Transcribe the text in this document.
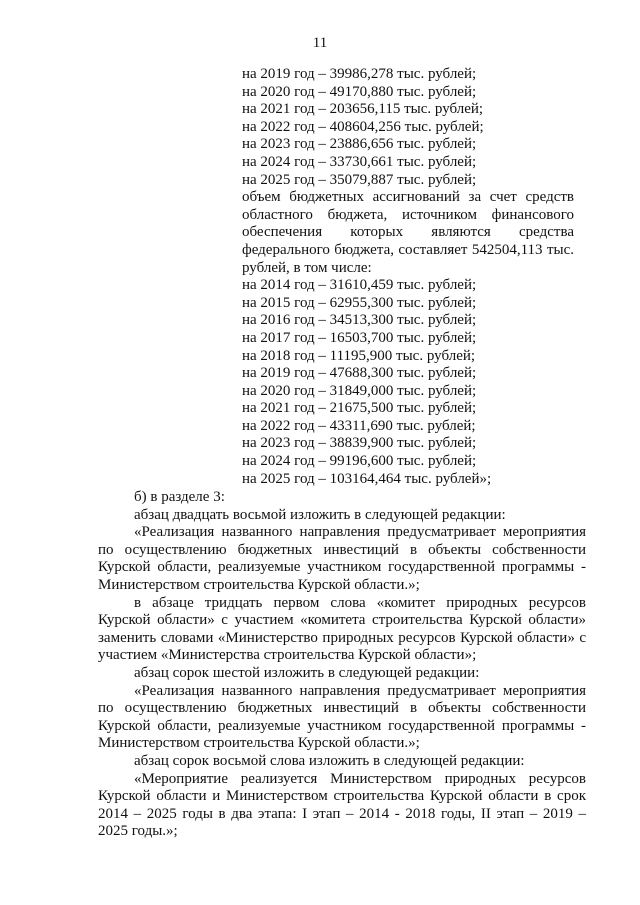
11
на 2019 год – 39986,278 тыс. рублей;
на 2020 год – 49170,880 тыс. рублей;
на 2021 год – 203656,115 тыс. рублей;
на 2022 год – 408604,256 тыс. рублей;
на 2023 год – 23886,656 тыс. рублей;
на 2024 год – 33730,661 тыс. рублей;
на 2025 год – 35079,887 тыс. рублей;
объем бюджетных ассигнований за счет средств
областного бюджета, источником финансового
обеспечения которых являются средства
федерального бюджета, составляет 542504,113 тыс.
рублей, в том числе:
на 2014 год – 31610,459 тыс. рублей;
на 2015 год – 62955,300 тыс. рублей;
на 2016 год – 34513,300 тыс. рублей;
на 2017 год – 16503,700 тыс. рублей;
на 2018 год – 11195,900 тыс. рублей;
на 2019 год – 47688,300 тыс. рублей;
на 2020 год – 31849,000 тыс. рублей;
на 2021 год – 21675,500 тыс. рублей;
на 2022 год – 43311,690 тыс. рублей;
на 2023 год – 38839,900 тыс. рублей;
на 2024 год – 99196,600 тыс. рублей;
на 2025 год – 103164,464 тыс. рублей»;

б) в разделе 3:

абзац двадцать восьмой изложить в следующей редакции:

«Реализация названного направления предусматривает мероприятия
по осуществлению бюджетных инвестиций в объекты собственности
Курской области, реализуемые участником государственной программы -
Министерством строительства Курской области.»;

в абзаце тридцать первом слова «комитет природных ресурсов
Курской области» с участием «комитета строительства Курской области»
заменить словами «Министерство природных ресурсов Курской области» с
участием «Министерства строительства Курской области»;

абзац сорок шестой изложить в следующей редакции:

«Реализация названного направления предусматривает мероприятия
по осуществлению бюджетных инвестиций в объекты собственности
Курской области, реализуемые участником государственной программы -
Министерством строительства Курской области.»;

абзац сорок восьмой слова изложить в следующей редакции:

«Мероприятие реализуется Министерством природных ресурсов
Курской области и Министерством строительства Курской области в срок
2014 – 2025 годы в два этапа: I этап – 2014 - 2018 годы, II этап – 2019 –
2025 годы.»;
